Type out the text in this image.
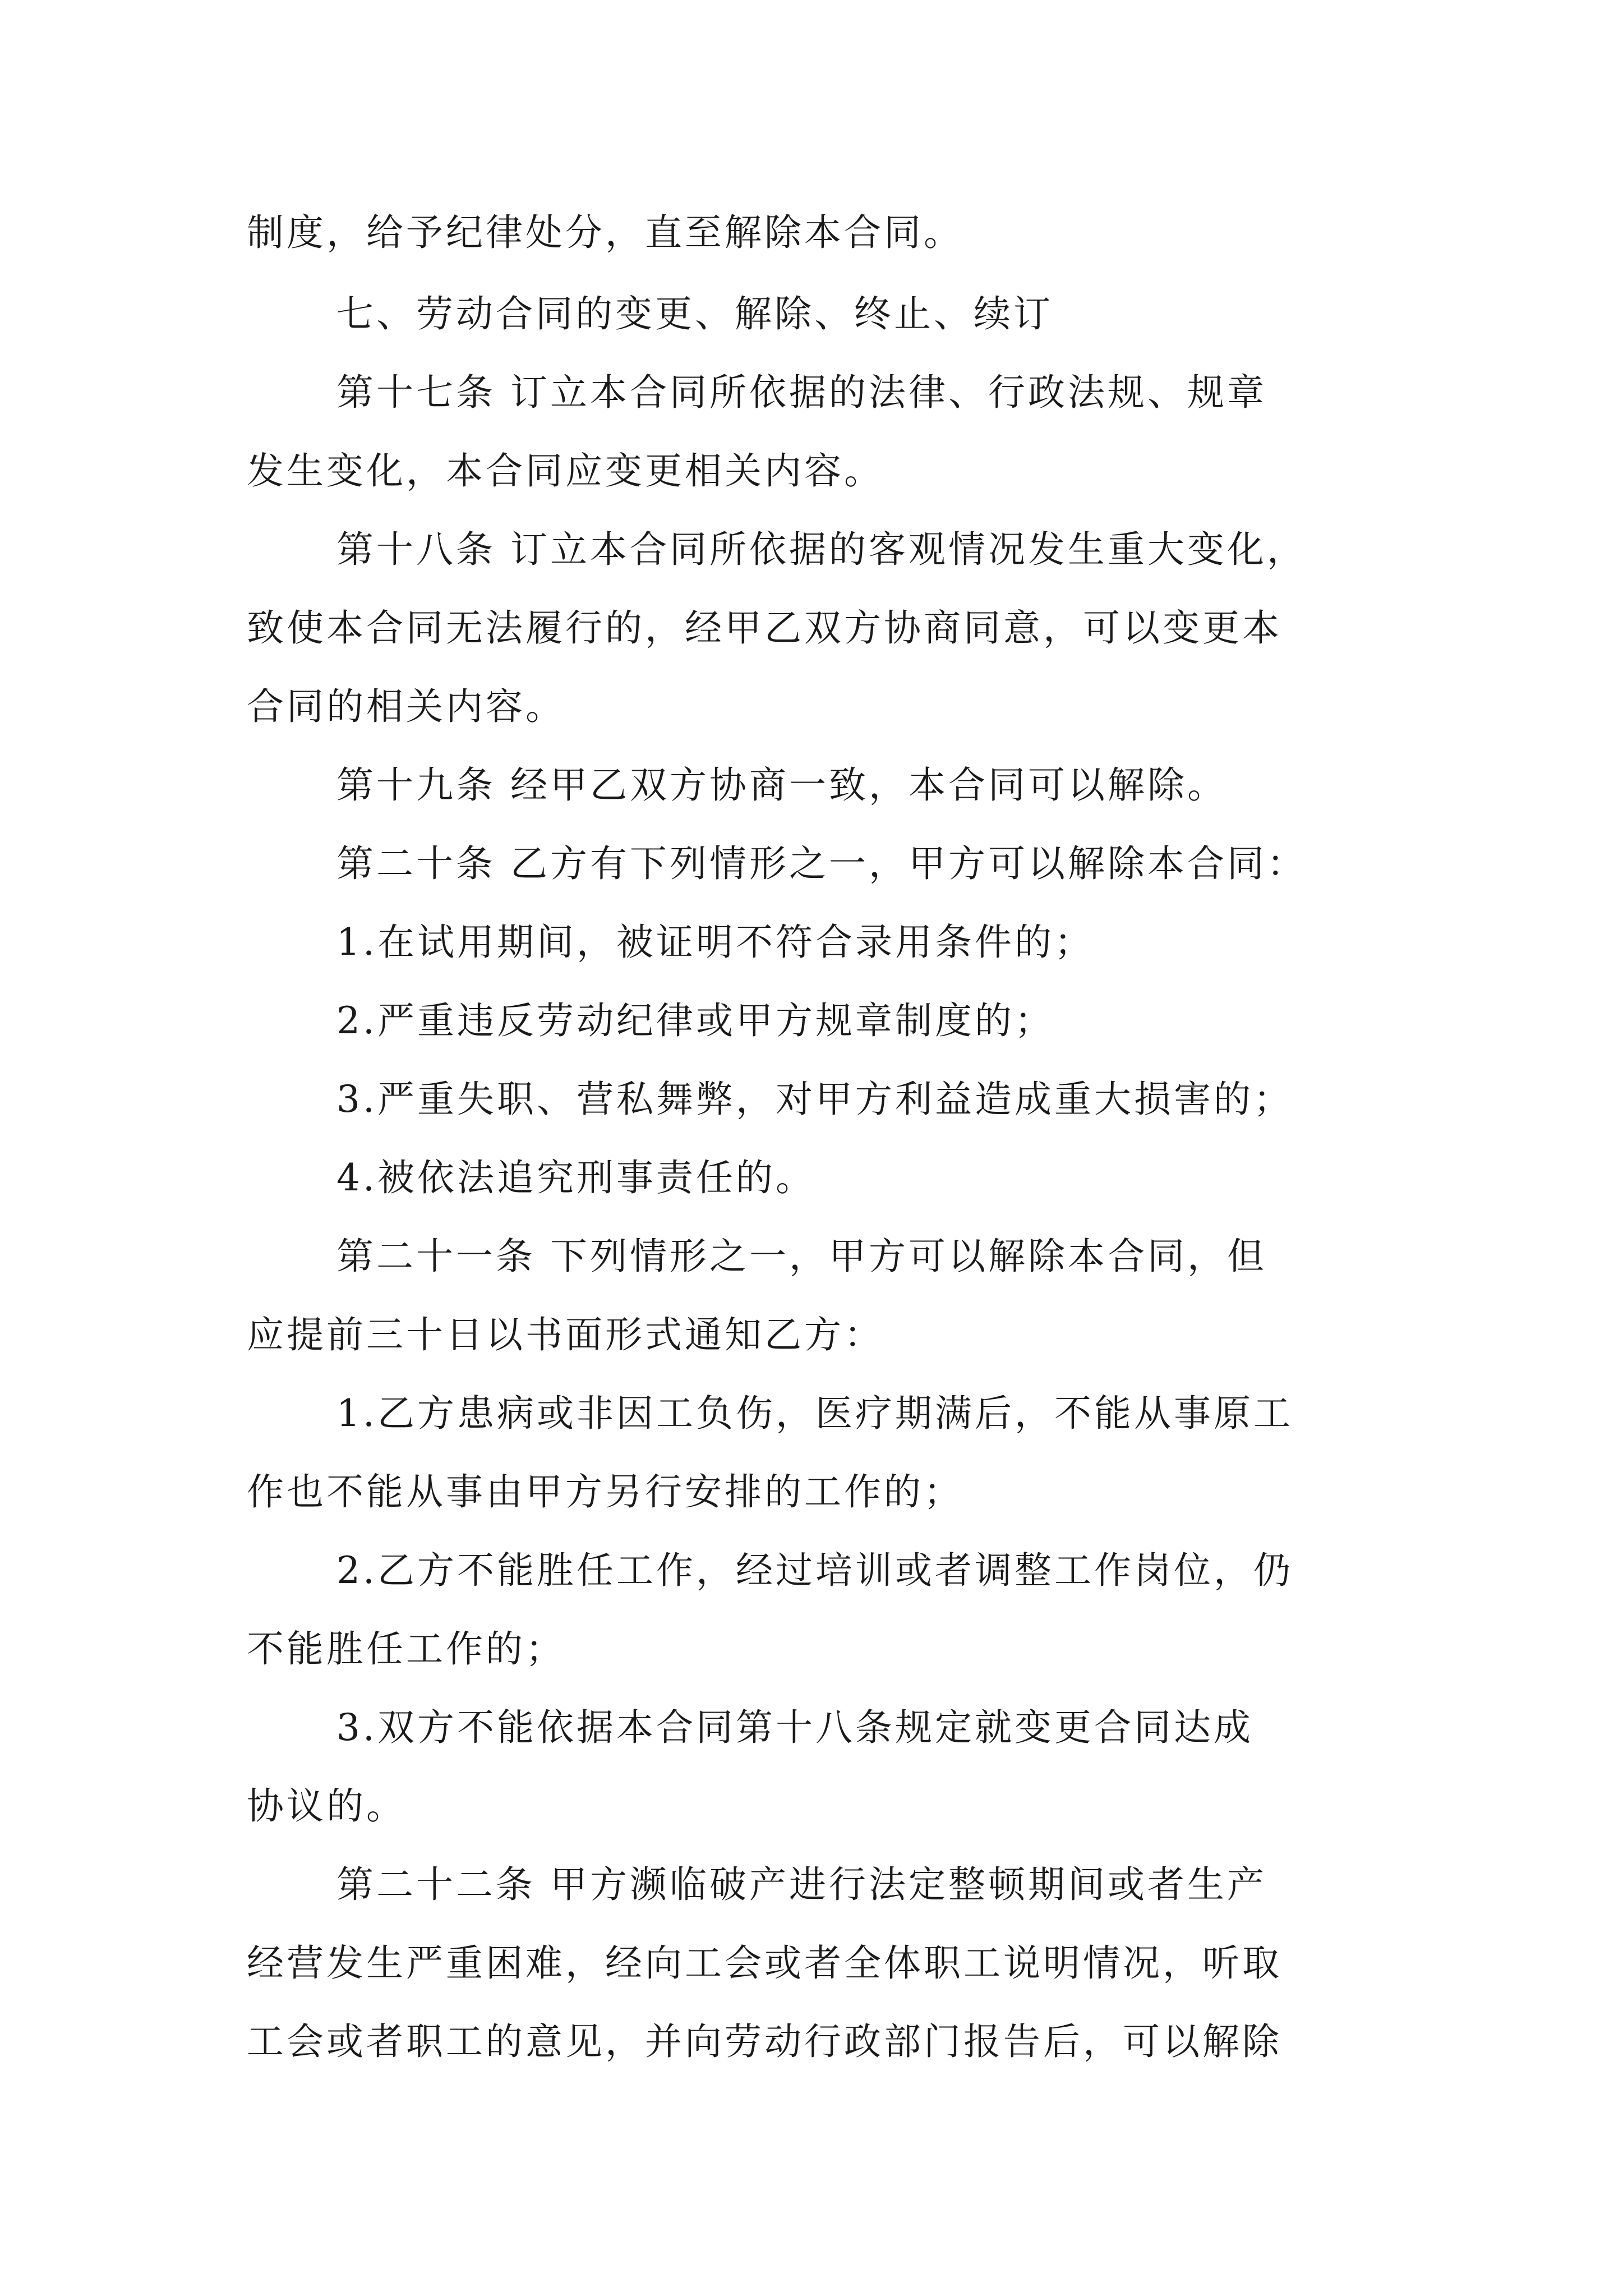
制度，给予纪律处分，直至解除本合同。

七、劳动合同的变更、解除、终止、续订

第十七条 订立本合同所依据的法律、行政法规、规章

发生变化，本合同应变更相关内容。

第十八条 订立本合同所依据的客观情况发生重大变化，

致使本合同无法履行的，经甲乙双方协商同意，可以变更本

合同的相关内容。

第十九条 经甲乙双方协商一致，本合同可以解除。

第二十条 乙方有下列情形之一，甲方可以解除本合同：

1.在试用期间，被证明不符合录用条件的；

2.严重违反劳动纪律或甲方规章制度的；

3.严重失职、营私舞弊，对甲方利益造成重大损害的；

4.被依法追究刑事责任的。

第二十一条 下列情形之一，甲方可以解除本合同，但

应提前三十日以书面形式通知乙方：

1.乙方患病或非因工负伤，医疗期满后，不能从事原工

作也不能从事由甲方另行安排的工作的；

2.乙方不能胜任工作，经过培训或者调整工作岗位，仍

不能胜任工作的；

3.双方不能依据本合同第十八条规定就变更合同达成

协议的。

第二十二条 甲方濒临破产进行法定整顿期间或者生产

经营发生严重困难，经向工会或者全体职工说明情况，听取

工会或者职工的意见，并向劳动行政部门报告后，可以解除
